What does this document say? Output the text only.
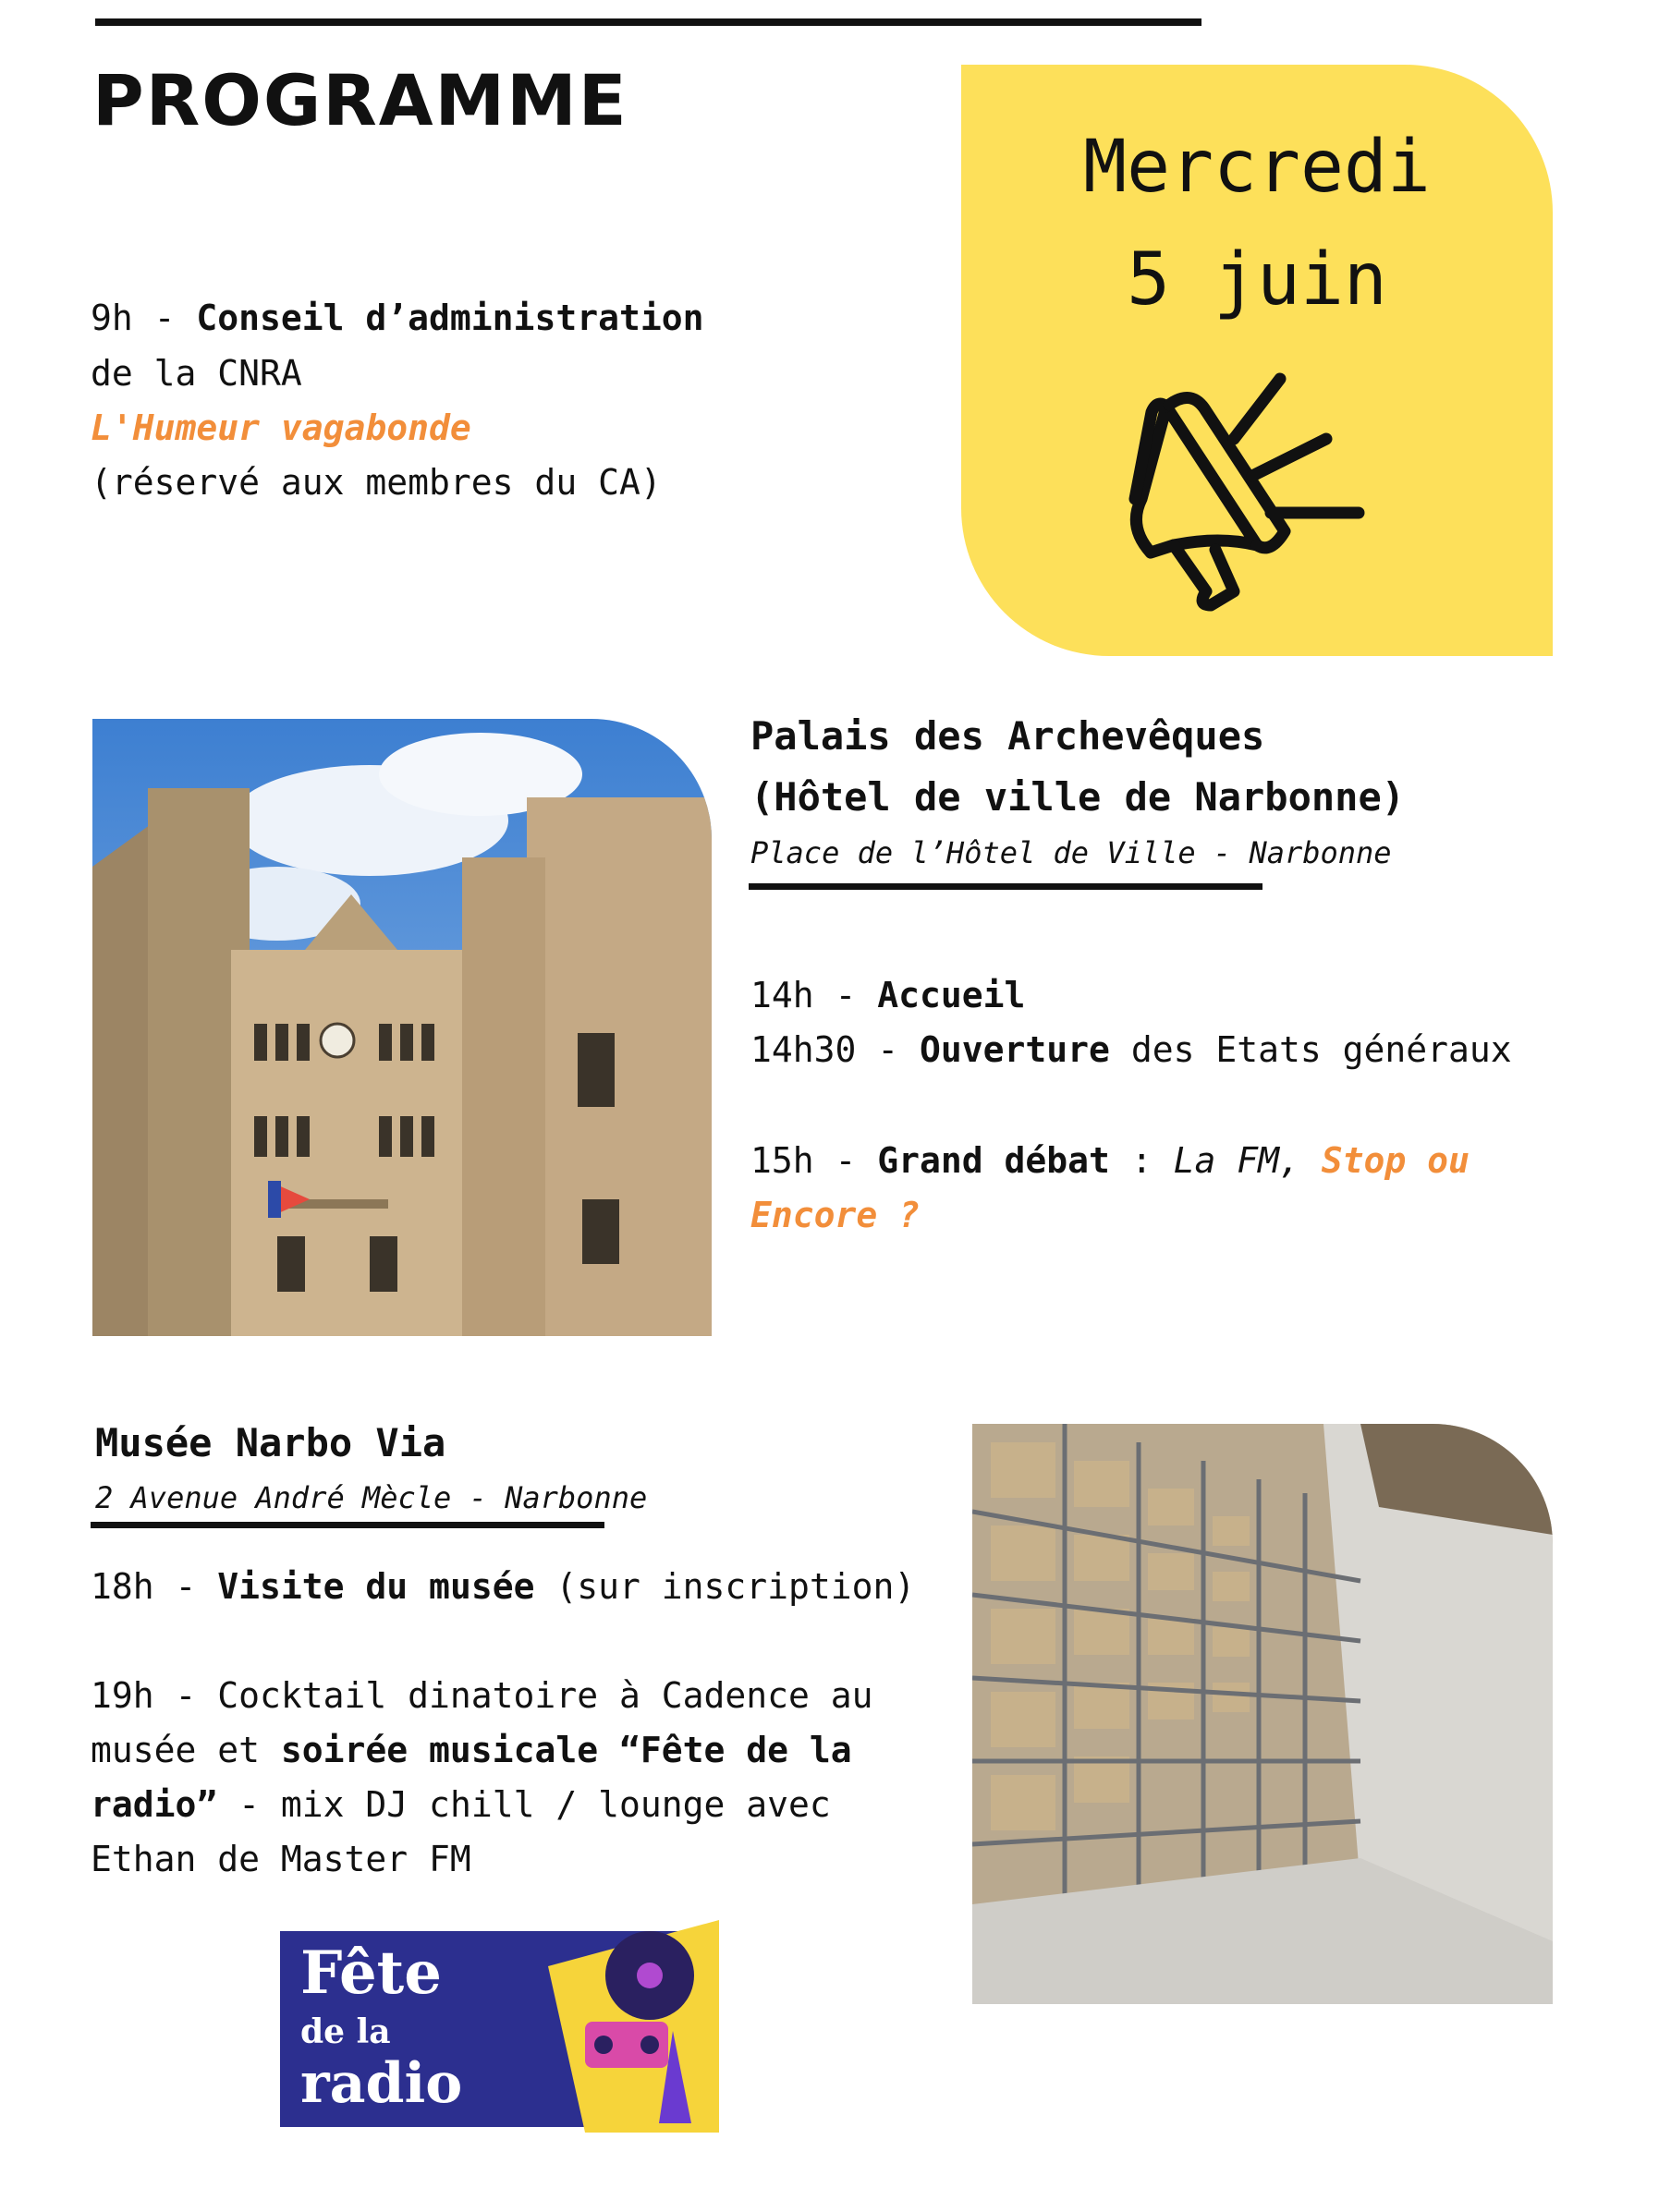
PROGRAMME
Mercredi
5 juin
9h - Conseil d’administration
de la CNRA
L'Humeur vagabonde
(réservé aux membres du CA)
Palais des Archevêques
(Hôtel de ville de Narbonne)
Place de l’Hôtel de Ville - Narbonne
14h - Accueil
14h30 - Ouverture des Etats généraux
15h - Grand débat : La FM, Stop ou
Encore ?
Musée Narbo Via
2 Avenue André Mècle - Narbonne
18h - Visite du musée (sur inscription)
19h - Cocktail dinatoire à Cadence au
musée et soirée musicale “Fête de la
radio” - mix DJ chill / lounge avec
Ethan de Master FM
Fête
de la
radio
